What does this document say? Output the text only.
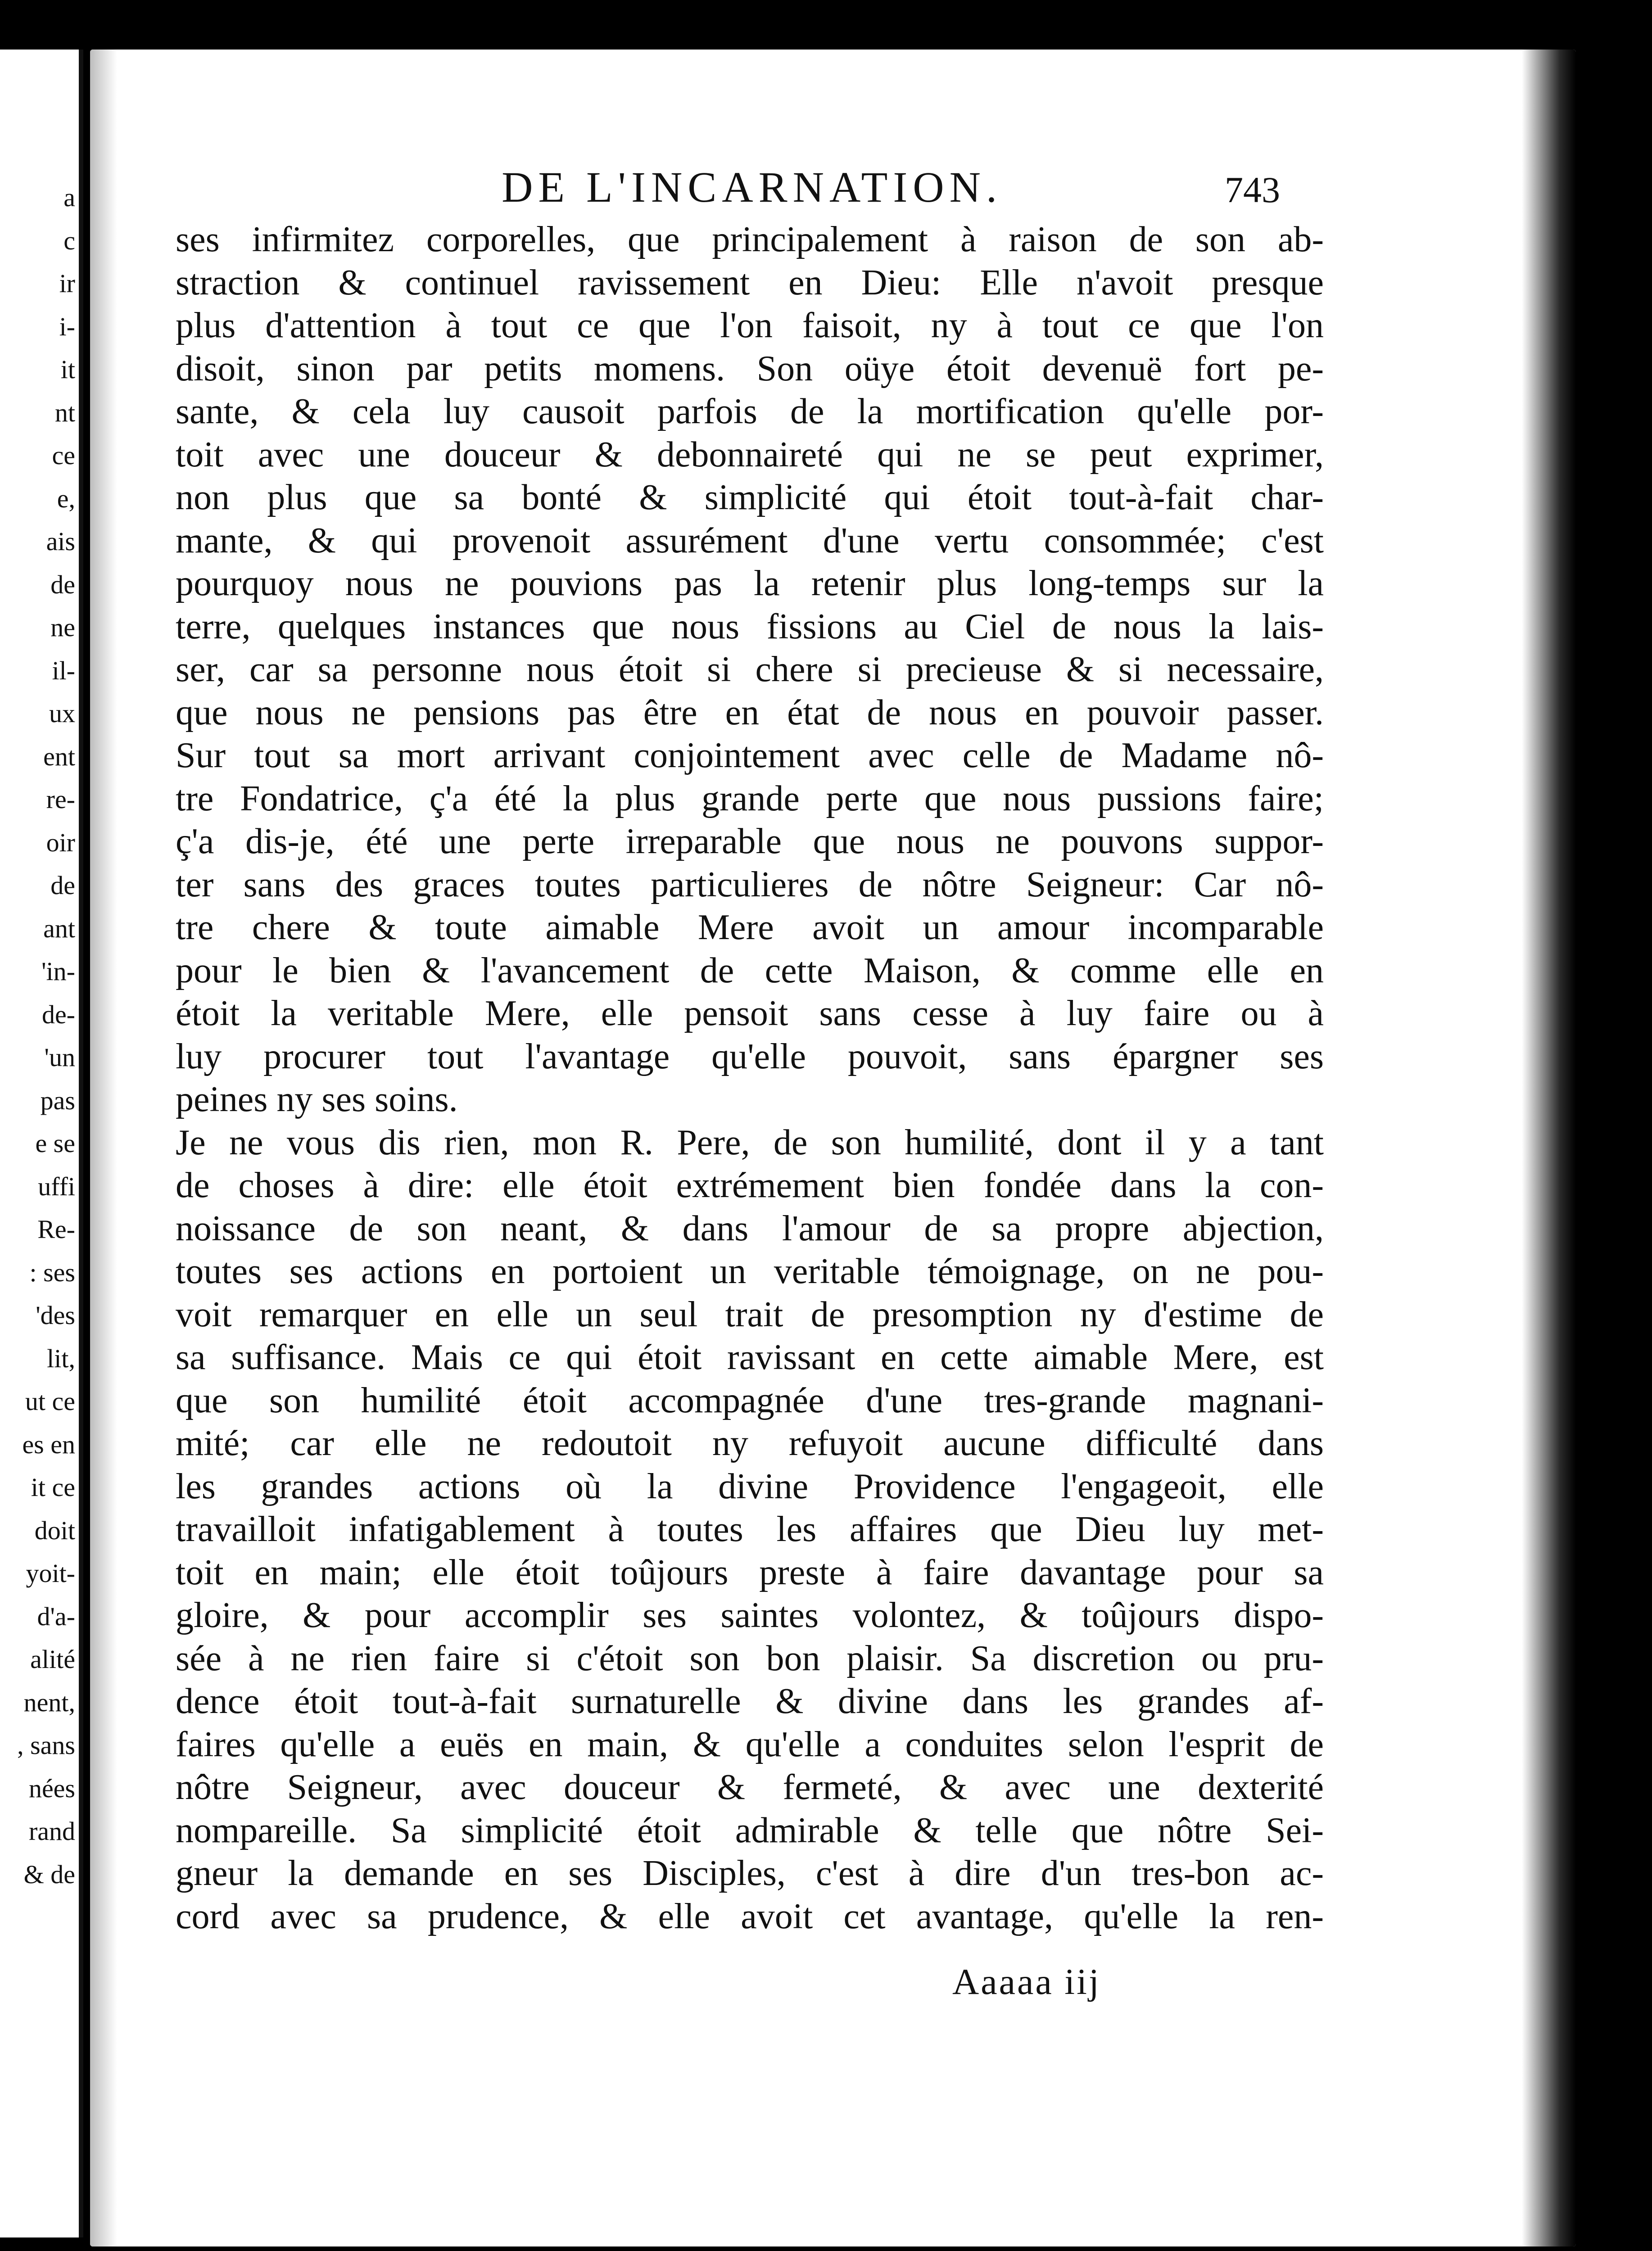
a
c
ir
i-
it
nt
ce
e,
ais
de
ne
il-
ux
ent
re-
oir
de
ant
'in-
de-
'un
pas
e se
uffi
Re-
: ses
'des
lit,
ut ce
es en
it ce
doit
yoit-
d'a-
alité
nent,
, sans
nées
rand
& de
DE L'INCARNATION.	743
ses infirmitez corporelles, que principalement à raison de son ab-
straction & continuel ravissement en Dieu: Elle n'avoit presque
plus d'attention à tout ce que l'on faisoit, ny à tout ce que l'on
disoit, sinon par petits momens. Son oüye étoit devenuë fort pe-
sante, & cela luy causoit parfois de la mortification qu'elle por-
toit avec une douceur & debonnaireté qui ne se peut exprimer,
non plus que sa bonté & simplicité qui étoit tout-à-fait char-
mante, & qui provenoit assurément d'une vertu consommée; c'est
pourquoy nous ne pouvions pas la retenir plus long-temps sur la
terre, quelques instances que nous fissions au Ciel de nous la lais-
ser, car sa personne nous étoit si chere si precieuse & si necessaire,
que nous ne pensions pas être en état de nous en pouvoir passer.
Sur tout sa mort arrivant conjointement avec celle de Madame nô-
tre Fondatrice, ç'a été la plus grande perte que nous pussions faire;
ç'a dis-je, été une perte irreparable que nous ne pouvons suppor-
ter sans des graces toutes particulieres de nôtre Seigneur: Car nô-
tre chere & toute aimable Mere avoit un amour incomparable
pour le bien & l'avancement de cette Maison, & comme elle en
étoit la veritable Mere, elle pensoit sans cesse à luy faire ou à
luy procurer tout l'avantage qu'elle pouvoit, sans épargner ses
peines ny ses soins.
Je ne vous dis rien, mon R. Pere, de son humilité, dont il y a tant
de choses à dire: elle étoit extrémement bien fondée dans la con-
noissance de son neant, & dans l'amour de sa propre abjection,
toutes ses actions en portoient un veritable témoignage, on ne pou-
voit remarquer en elle un seul trait de presomption ny d'estime de
sa suffisance. Mais ce qui étoit ravissant en cette aimable Mere, est
que son humilité étoit accompagnée d'une tres-grande magnani-
mité; car elle ne redoutoit ny refuyoit aucune difficulté dans
les grandes actions où la divine Providence l'engageoit, elle
travailloit infatigablement à toutes les affaires que Dieu luy met-
toit en main; elle étoit toûjours preste à faire davantage pour sa
gloire, & pour accomplir ses saintes volontez, & toûjours dispo-
sée à ne rien faire si c'étoit son bon plaisir. Sa discretion ou pru-
dence étoit tout-à-fait surnaturelle & divine dans les grandes af-
faires qu'elle a euës en main, & qu'elle a conduites selon l'esprit de
nôtre Seigneur, avec douceur & fermeté, & avec une dexterité
nompareille. Sa simplicité étoit admirable & telle que nôtre Sei-
gneur la demande en ses Disciples, c'est à dire d'un tres-bon ac-
cord avec sa prudence, & elle avoit cet avantage, qu'elle la ren-
Aaaaa iij
